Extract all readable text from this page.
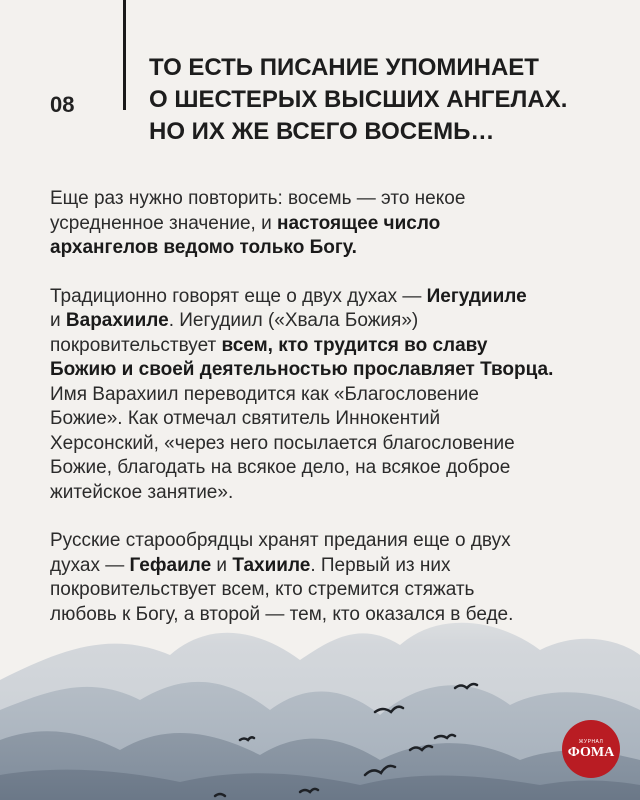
08
ТО ЕСТЬ ПИСАНИЕ УПОМИНАЕТ
О ШЕСТЕРЫХ ВЫСШИХ АНГЕЛАХ.
НО ИХ ЖЕ ВСЕГО ВОСЕМЬ…

Еще раз нужно повторить: восемь — это некое
усредненное значение, и настоящее число
архангелов ведомо только Богу.

Традиционно говорят еще о двух духах — Иегудииле
и Варахииле. Иегудиил («Хвала Божия»)
покровительствует всем, кто трудится во славу
Божию и своей деятельностью прославляет Творца.
Имя Варахиил переводится как «Благословение
Божие». Как отмечал святитель Иннокентий
Херсонский, «через него посылается благословение
Божие, благодать на всякое дело, на всякое доброе
житейское занятие».

Русские старообрядцы хранят предания еще о двух
духах — Гефаиле и Тахииле. Первый из них
покровительствует всем, кто стремится стяжать
любовь к Богу, а второй — тем, кто оказался в беде.

ЖУРНАЛ
ФОМА
